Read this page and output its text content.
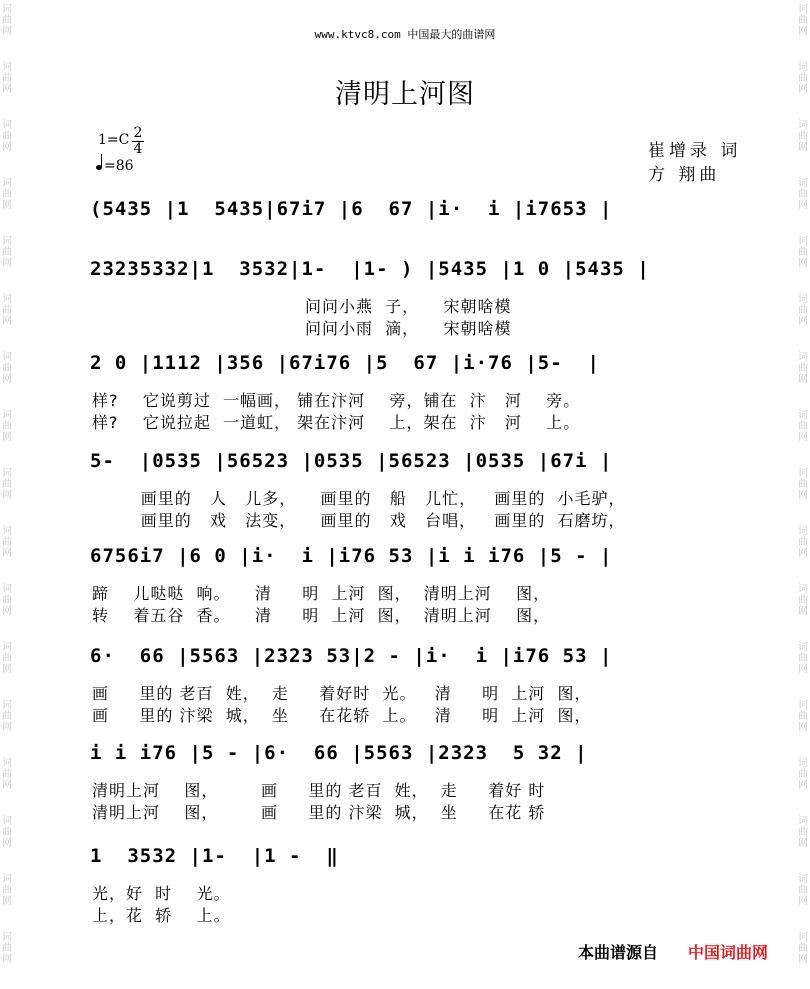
词
曲
网
词
曲
网
词
曲
网
词
曲
网
词
曲
网
词
曲
网
词
曲
网
词
曲
网
词
曲
网
词
曲
网
词
曲
网
词
曲
网
词
曲
网
词
曲
网
词
曲
网
词
曲
网
词
曲
网
词
曲
网
词
曲
网
词
曲
网
词
曲
网
词
曲
网
词
曲
网
词
曲
网
词
曲
网
词
曲
网
词
曲
网
词
曲
网
词
曲
网
词
曲
网
词
曲
网
词
曲
网
词
曲
网
词
曲
网
www.ktvc8.com 中国最大的曲谱网
清明上河图
1=C 2
4
=86
崔增录 词
方 翔曲
(5435 |1  5435|67i7 |6  67 |i·  i |i7653 |
23235332|1  3532|1-  |1- ) |5435 |1 0 |5435 |
问问小燕  子，    宋朝啥模
问问小雨  滴，    宋朝啥模
2 0 |1112 |356 |67i76 |5  67 |i·76 |5-  |
样?    它说剪过  一幅画， 铺在汴河    旁，铺在  汴   河    旁。
样?    它说拉起  一道虹， 架在汴河    上，架在  汴   河    上。
5-  |0535 |56523 |0535 |56523 |0535 |67i |
画里的   人   儿多，    画里的   船   儿忙，   画里的  小毛驴，
画里的   戏   法变，    画里的   戏   台唱，   画里的  石磨坊，
6756i7 |6 0 |i·  i |i76 53 |i i i76 |5 - |
蹄    儿哒哒  响。    清     明  上河  图，  清明上河    图，
转    着五谷  香。    清     明  上河  图，  清明上河    图，
6·  66 |5563 |2323 53|2 - |i·  i |i76 53 |
画     里的 老百  姓，  走     着好时  光。   清     明  上河  图，
画     里的 汴梁  城，  坐     在花轿  上。   清     明  上河  图，
i i i76 |5 - |6·  66 |5563 |2323  5 32 |
清明上河    图，       画     里的 老百  姓，  走     着好 时
清明上河    图，       画     里的 汴梁  城，  坐     在花 轿
1  3532 |1-  |1 -  ‖
光，好  时    光。
上，花  轿    上。
本曲谱源自 中国词曲网
